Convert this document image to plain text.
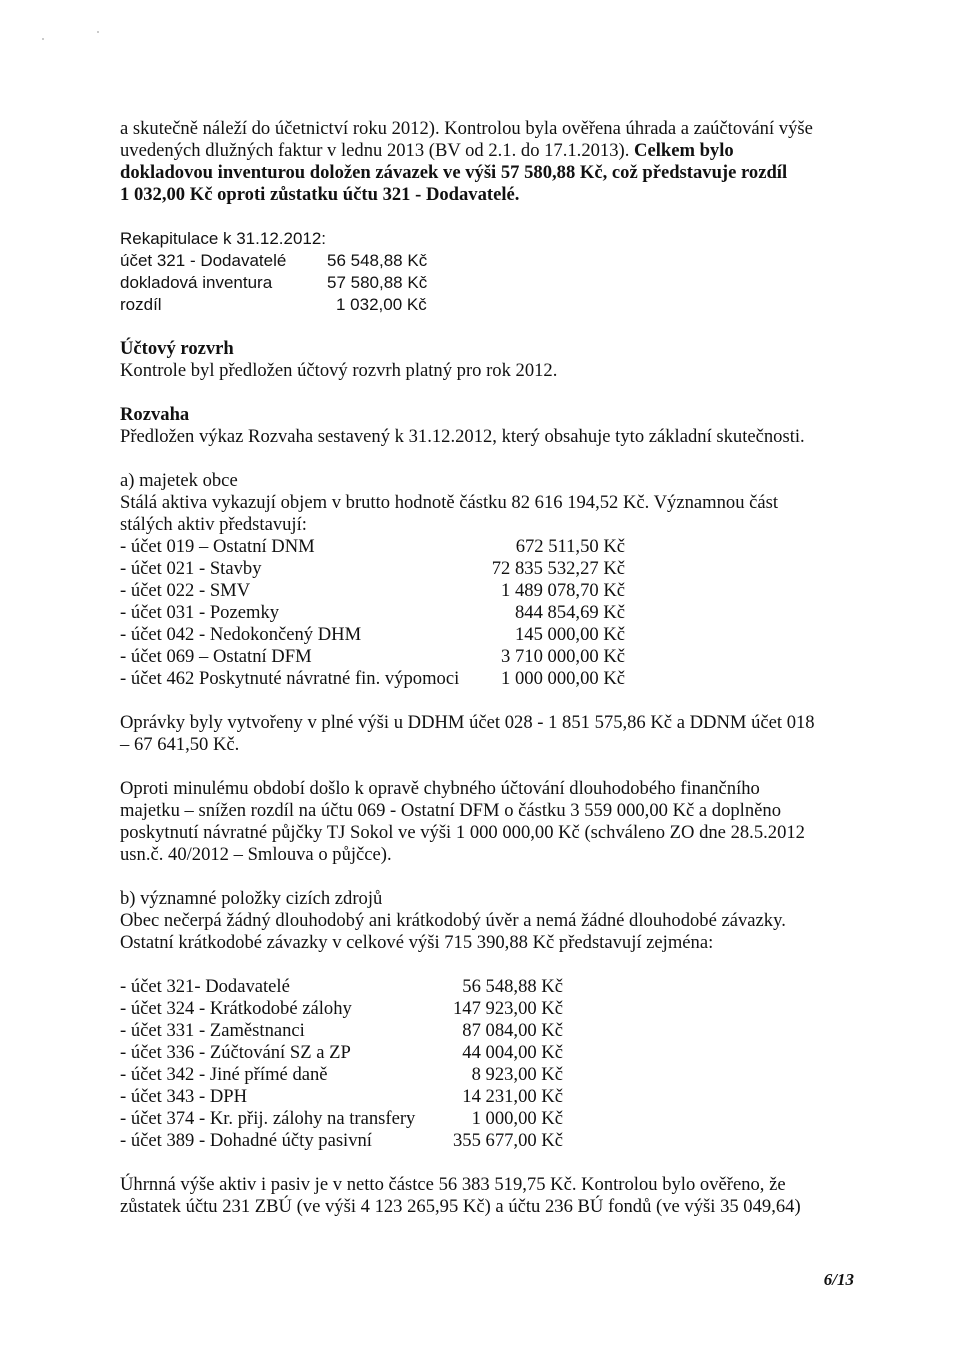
a skutečně náleží do účetnictví roku 2012). Kontrolou byla ověřena úhrada a zaúčtování výše

uvedených dlužných faktur v lednu 2013 (BV od 2.1. do 17.1.2013). Celkem bylo

dokladovou inventurou doložen závazek ve výši 57 580,88 Kč, což představuje rozdíl

1 032,00 Kč oproti zůstatku účtu 321 - Dodavatelé.

Rekapitulace k 31.12.2012:

účet 321 - Dodavatelé	56 548,88 Kč
dokladová inventura	57 580,88 Kč
rozdíl	1 032,00 Kč

Účtový rozvrh

Kontrole byl předložen účtový rozvrh platný pro rok 2012.

Rozvaha

Předložen výkaz Rozvaha sestavený k 31.12.2012, který obsahuje tyto základní skutečnosti.

a) majetek obce

Stálá aktiva vykazují objem v brutto hodnotě částku 82 616 194,52 Kč. Významnou část

stálých aktiv představují:

- účet 019 – Ostatní DNM	672 511,50 Kč
- účet 021 - Stavby	72 835 532,27 Kč
- účet 022 - SMV	1 489 078,70 Kč
- účet 031 - Pozemky	844 854,69 Kč
- účet 042 - Nedokončený DHM	145 000,00 Kč
- účet 069 – Ostatní DFM	3 710 000,00 Kč
- účet 462 Poskytnuté návratné fin. výpomoci	1 000 000,00 Kč

Oprávky byly vytvořeny v plné výši u DDHM účet 028 - 1 851 575,86 Kč a DDNM účet 018

– 67 641,50 Kč.

Oproti minulému období došlo k opravě chybného účtování dlouhodobého finančního

majetku – snížen rozdíl na účtu 069 - Ostatní DFM o částku 3 559 000,00 Kč a doplněno

poskytnutí návratné půjčky TJ Sokol ve výši 1 000 000,00 Kč (schváleno ZO dne 28.5.2012

usn.č. 40/2012 – Smlouva o půjčce).

b) významné položky cizích zdrojů

Obec nečerpá žádný dlouhodobý ani krátkodobý úvěr a nemá žádné dlouhodobé závazky.

Ostatní krátkodobé závazky v celkové výši 715 390,88 Kč představují zejména:

- účet 321- Dodavatelé	56 548,88 Kč
- účet 324 - Krátkodobé zálohy	147 923,00 Kč
- účet 331 - Zaměstnanci	87 084,00 Kč
- účet 336 - Zúčtování SZ a ZP	44 004,00 Kč
- účet 342 - Jiné přímé daně	8 923,00 Kč
- účet 343 - DPH	14 231,00 Kč
- účet 374 - Kr. přij. zálohy na transfery	1 000,00 Kč
- účet 389 - Dohadné účty pasivní	355 677,00 Kč

Úhrnná výše aktiv i pasiv je v netto částce 56 383 519,75 Kč. Kontrolou bylo ověřeno, že

zůstatek účtu 231 ZBÚ (ve výši 4 123 265,95 Kč) a účtu 236 BÚ fondů (ve výši 35 049,64)

6/13
